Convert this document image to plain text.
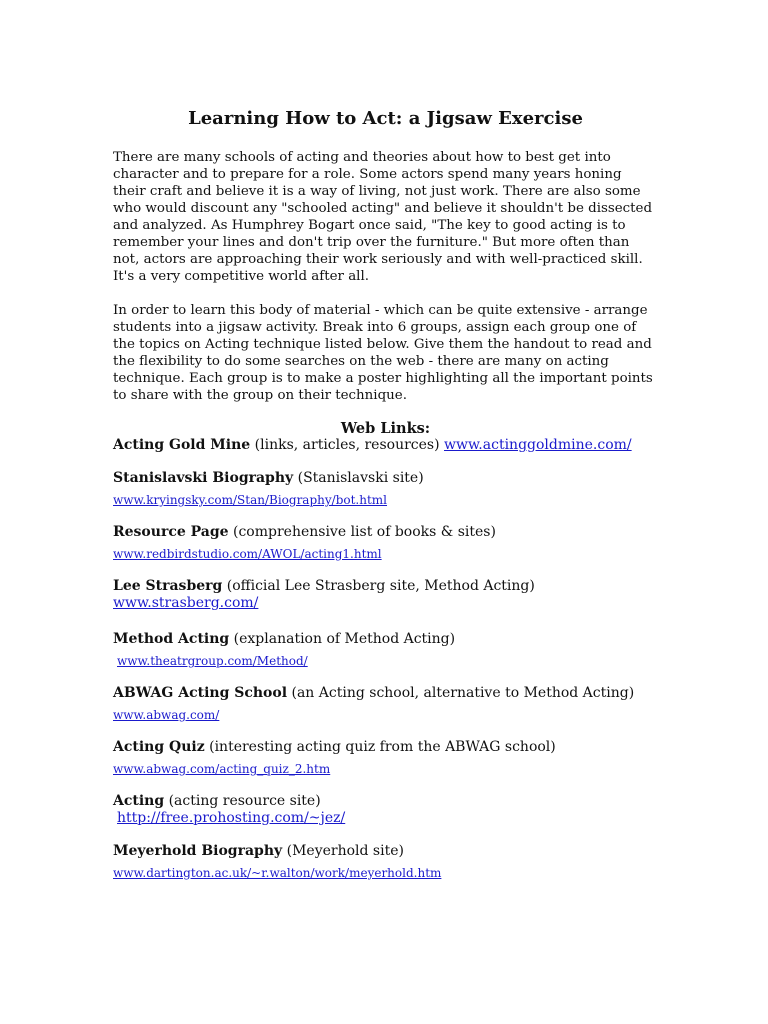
Learning How to Act: a Jigsaw Exercise

There are many schools of acting and theories about how to best get into character and to prepare for a role. Some actors spend many years honing their craft and believe it is a way of living, not just work. There are also some who would discount any "schooled acting" and believe it shouldn't be dissected and analyzed. As Humphrey Bogart once said, "The key to good acting is to remember your lines and don't trip over the furniture." But more often than not, actors are approaching their work seriously and with well-practiced skill. It's a very competitive world after all.

In order to learn this body of material - which can be quite extensive - arrange students into a jigsaw activity. Break into 6 groups, assign each group one of the topics on Acting technique listed below. Give them the handout to read and the flexibility to do some searches on the web - there are many on acting technique. Each group is to make a poster highlighting all the important points to share with the group on their technique.

Web Links:
Acting Gold Mine (links, articles, resources) www.actinggoldmine.com/
Stanislavski Biography (Stanislavski site)
www.kryingsky.com/Stan/Biography/bot.html
Resource Page (comprehensive list of books & sites)
www.redbirdstudio.com/AWOL/acting1.html
Lee Strasberg (official Lee Strasberg site, Method Acting)
www.strasberg.com/
Method Acting (explanation of Method Acting)
www.theatrgroup.com/Method/
ABWAG Acting School (an Acting school, alternative to Method Acting)
www.abwag.com/
Acting Quiz (interesting acting quiz from the ABWAG school)
www.abwag.com/acting_quiz_2.htm
Acting (acting resource site)
http://free.prohosting.com/~jez/
Meyerhold Biography (Meyerhold site)
www.dartington.ac.uk/~r.walton/work/meyerhold.htm
